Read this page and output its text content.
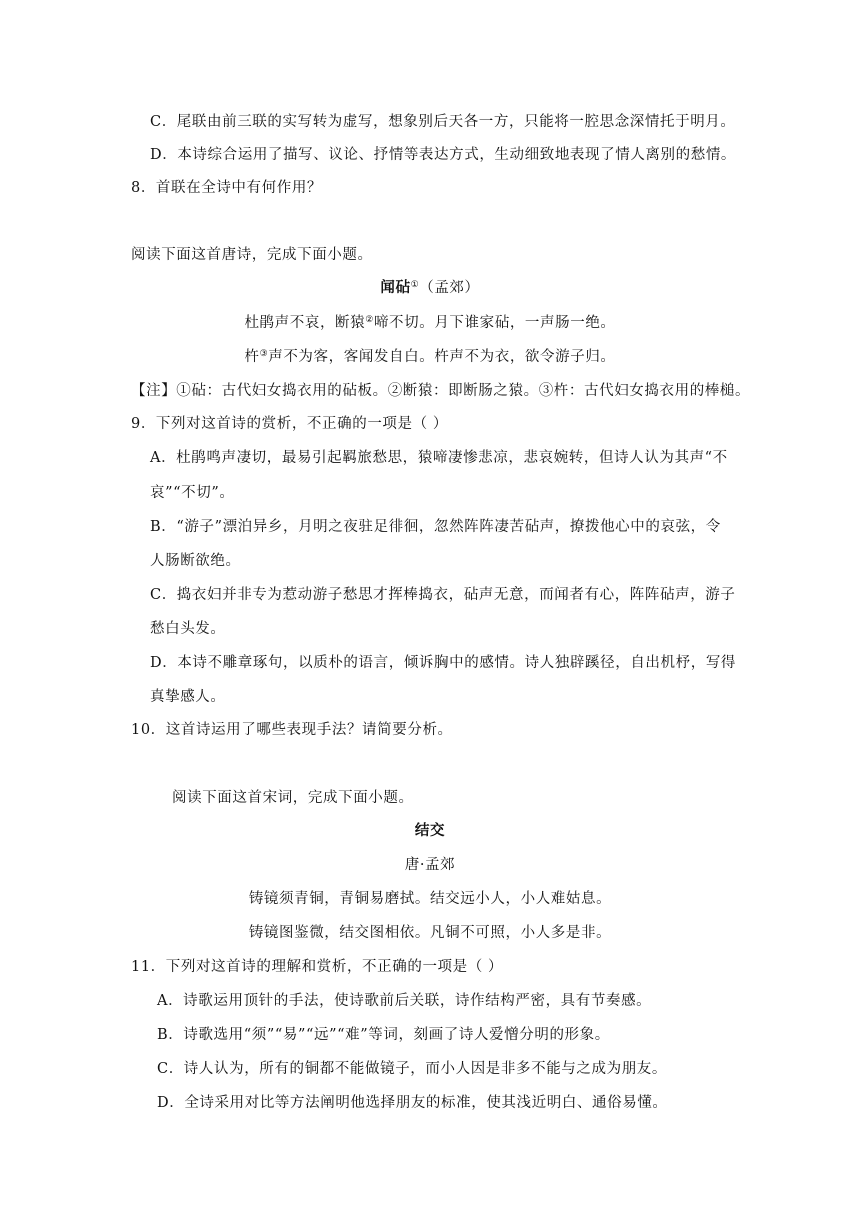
C．尾联由前三联的实写转为虚写，想象别后天各一方，只能将一腔思念深情托于明月。
D．本诗综合运用了描写、议论、抒情等表达方式，生动细致地表现了情人离别的愁情。
8．首联在全诗中有何作用？
阅读下面这首唐诗，完成下面小题。
闻砧①（孟郊）
杜鹃声不哀，断猿②啼不切。月下谁家砧，一声肠一绝。
杵③声不为客，客闻发自白。杵声不为衣，欲令游子归。
【注】①砧：古代妇女捣衣用的砧板。②断猿：即断肠之猿。③杵：古代妇女捣衣用的棒槌。
9．下列对这首诗的赏析，不正确的一项是（ ）
A．杜鹃鸣声凄切，最易引起羁旅愁思，猿啼凄惨悲凉，悲哀婉转，但诗人认为其声“不
哀”“不切”。
B．“游子”漂泊异乡，月明之夜驻足徘徊，忽然阵阵凄苦砧声，撩拨他心中的哀弦，令
人肠断欲绝。
C．捣衣妇并非专为惹动游子愁思才挥棒捣衣，砧声无意，而闻者有心，阵阵砧声，游子
愁白头发。
D．本诗不雕章琢句，以质朴的语言，倾诉胸中的感情。诗人独辟蹊径，自出机杼，写得
真挚感人。
10．这首诗运用了哪些表现手法？请简要分析。
阅读下面这首宋词，完成下面小题。
结交
唐·孟郊
铸镜须青铜，青铜易磨拭。结交远小人，小人难姑息。
铸镜图鉴微，结交图相依。凡铜不可照，小人多是非。
11．下列对这首诗的理解和赏析，不正确的一项是（ ）
A．诗歌运用顶针的手法，使诗歌前后关联，诗作结构严密，具有节奏感。
B．诗歌选用“须”“易”“远”“难”等词，刻画了诗人爱憎分明的形象。
C．诗人认为，所有的铜都不能做镜子，而小人因是非多不能与之成为朋友。
D．全诗采用对比等方法阐明他选择朋友的标准，使其浅近明白、通俗易懂。
